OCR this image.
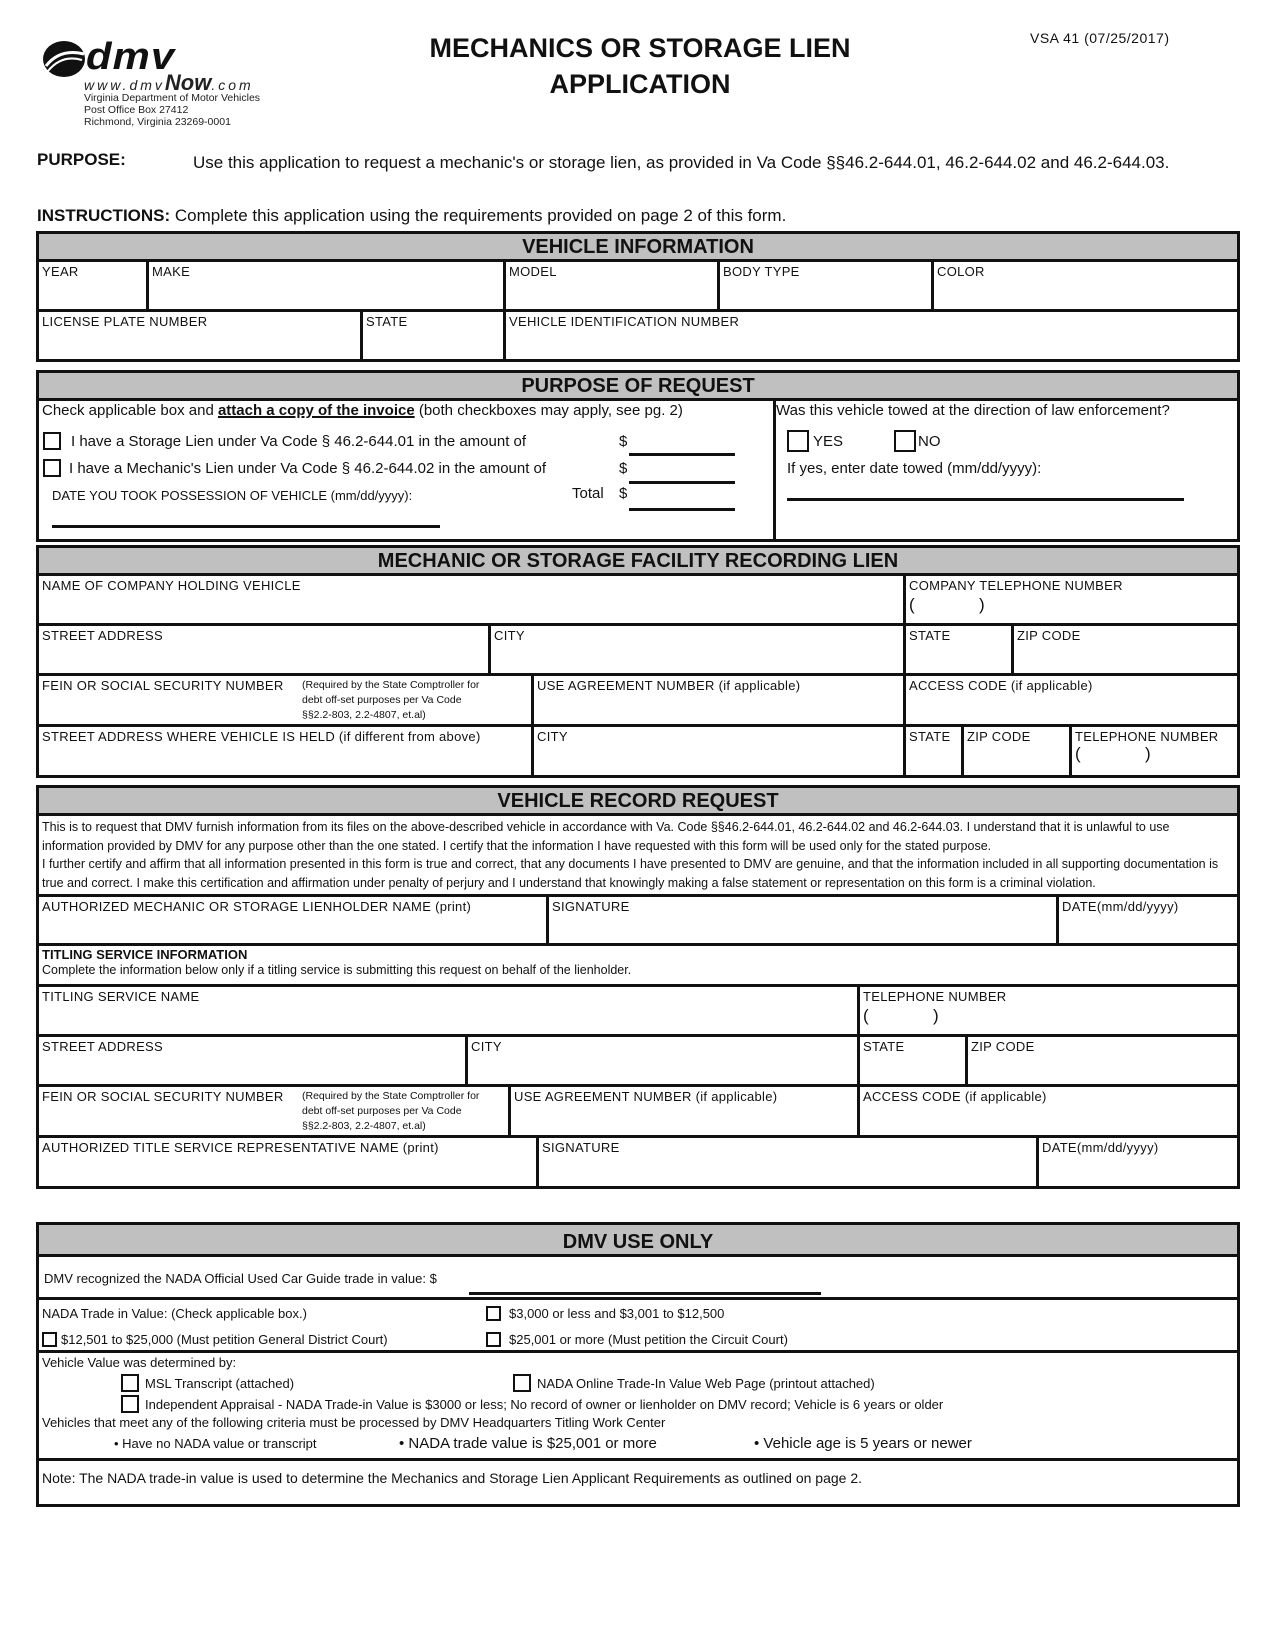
dmv
www.dmvNow.com
Virginia Department of Motor Vehicles
Post Office Box 27412
Richmond, Virginia 23269-0001
MECHANICS OR STORAGE LIEN
APPLICATION
VSA 41 (07/25/2017)
PURPOSE:	Use this application to request a mechanic's or storage lien, as provided in Va Code §§46.2-644.01, 46.2-644.02 and 46.2-644.03.
INSTRUCTIONS: Complete this application using the requirements provided on page 2 of this form.
VEHICLE INFORMATION
YEAR	MAKE	MODEL	BODY TYPE	COLOR
LICENSE PLATE NUMBER	STATE	VEHICLE IDENTIFICATION NUMBER
PURPOSE OF REQUEST
Check applicable box and attach a copy of the invoice (both checkboxes may apply, see pg. 2)
I have a Storage Lien under Va Code § 46.2-644.01 in the amount of	$
I have a Mechanic's Lien under Va Code § 46.2-644.02 in the amount of	$
DATE YOU TOOK POSSESSION OF VEHICLE (mm/dd/yyyy):	Total $
Was this vehicle towed at the direction of law enforcement?
YES	NO
If yes, enter date towed (mm/dd/yyyy):
MECHANIC OR STORAGE FACILITY RECORDING LIEN
NAME OF COMPANY HOLDING VEHICLE	COMPANY TELEPHONE NUMBER
(	)
STREET ADDRESS	CITY	STATE	ZIP CODE
FEIN OR SOCIAL SECURITY NUMBER	(Required by the State Comptroller for
debt off-set purposes per Va Code
§§2.2-803, 2.2-4807, et.al)
USE AGREEMENT NUMBER (if applicable)	ACCESS CODE (if applicable)
STREET ADDRESS WHERE VEHICLE IS HELD (if different from above)	CITY	STATE	ZIP CODE	TELEPHONE NUMBER
(	)
VEHICLE RECORD REQUEST
This is to request that DMV furnish information from its files on the above-described vehicle in accordance with Va. Code §§46.2-644.01, 46.2-644.02 and 46.2-644.03. I understand that it is unlawful to use information provided by DMV for any purpose other than the one stated. I certify that the information I have requested with this form will be used only for the stated purpose.
I further certify and affirm that all information presented in this form is true and correct, that any documents I have presented to DMV are genuine, and that the information included in all supporting documentation is true and correct. I make this certification and affirmation under penalty of perjury and I understand that knowingly making a false statement or representation on this form is a criminal violation.
AUTHORIZED MECHANIC OR STORAGE LIENHOLDER NAME (print)	SIGNATURE	DATE(mm/dd/yyyy)
TITLING SERVICE INFORMATION
Complete the information below only if a titling service is submitting this request on behalf of the lienholder.
TITLING SERVICE NAME	TELEPHONE NUMBER
(	)
STREET ADDRESS	CITY	STATE	ZIP CODE
FEIN OR SOCIAL SECURITY NUMBER	(Required by the State Comptroller for
debt off-set purposes per Va Code
§§2.2-803, 2.2-4807, et.al)
USE AGREEMENT NUMBER (if applicable)	ACCESS CODE (if applicable)
AUTHORIZED TITLE SERVICE REPRESENTATIVE NAME (print)	SIGNATURE	DATE(mm/dd/yyyy)
DMV USE ONLY
DMV recognized the NADA Official Used Car Guide trade in value: $
NADA Trade in Value: (Check applicable box.)	$3,000 or less and $3,001 to $12,500
$12,501 to $25,000 (Must petition General District Court)	$25,001 or more (Must petition the Circuit Court)
Vehicle Value was determined by:
MSL Transcript (attached)	NADA Online Trade-In Value Web Page (printout attached)
Independent Appraisal - NADA Trade-in Value is $3000 or less; No record of owner or lienholder on DMV record; Vehicle is 6 years or older
Vehicles that meet any of the following criteria must be processed by DMV Headquarters Titling Work Center
• Have no NADA value or transcript	• NADA trade value is $25,001 or more	• Vehicle age is 5 years or newer
Note: The NADA trade-in value is used to determine the Mechanics and Storage Lien Applicant Requirements as outlined on page 2.
